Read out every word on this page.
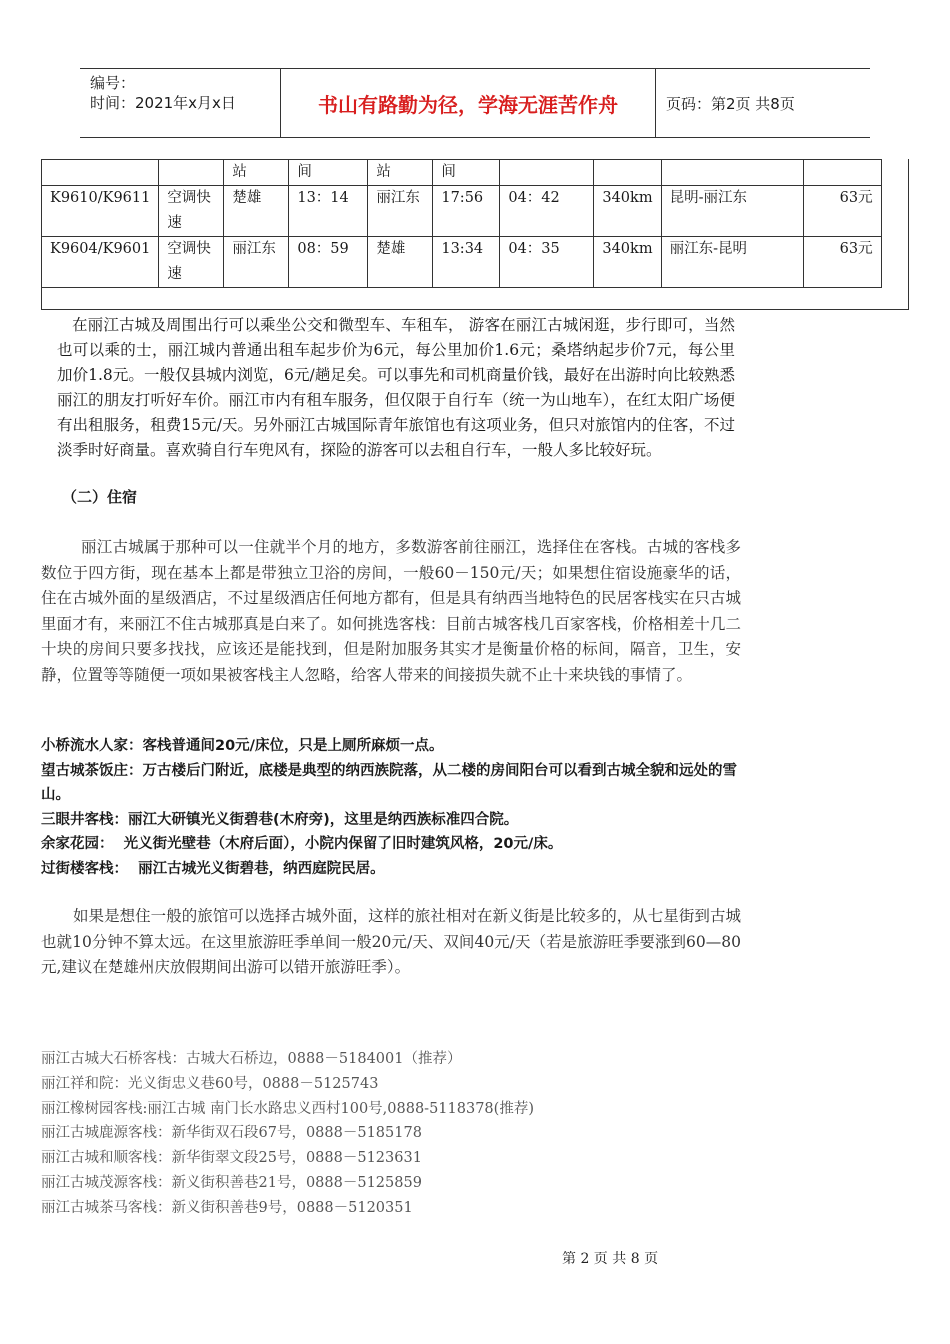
编号：
时间：2021年x月x日	书山有路勤为径，学海无涯苦作舟	页码：第2页 共8页
		站	间	站	间				
K9610/K9611	空调快速	楚雄	13：14	丽江东	17:56	04：42	340km	昆明-丽江东	63元
K9604/K9601	空调快速	丽江东	08：59	楚雄	13:34	04：35	340km	丽江东-昆明	63元
在丽江古城及周围出行可以乘坐公交和微型车、车租车， 游客在丽江古城闲逛，步行即可，当然也可以乘的士，丽江城内普通出租车起步价为6元，每公里加价1.6元；桑塔纳起步价7元，每公里加价1.8元。一般仅县城内浏览，6元/趟足矣。可以事先和司机商量价钱，最好在出游时向比较熟悉丽江的朋友打听好车价。丽江市内有租车服务，但仅限于自行车（统一为山地车），在红太阳广场便有出租服务，租费15元/天。另外丽江古城国际青年旅馆也有这项业务，但只对旅馆内的住客，不过淡季时好商量。喜欢骑自行车兜风有，探险的游客可以去租自行车，一般人多比较好玩。
（二）住宿
丽江古城属于那种可以一住就半个月的地方，多数游客前往丽江，选择住在客栈。古城的客栈多数位于四方街，现在基本上都是带独立卫浴的房间，一般60－150元/天；如果想住宿设施豪华的话，住在古城外面的星级酒店，不过星级酒店任何地方都有，但是具有纳西当地特色的民居客栈实在只古城里面才有，来丽江不住古城那真是白来了。如何挑选客栈：目前古城客栈几百家客栈，价格相差十几二十块的房间只要多找找，应该还是能找到，但是附加服务其实才是衡量价格的标间，隔音，卫生，安静，位置等等随便一项如果被客栈主人忽略，给客人带来的间接损失就不止十来块钱的事情了。
小桥流水人家：客栈普通间20元/床位，只是上厕所麻烦一点。
望古城茶饭庄：万古楼后门附近，底楼是典型的纳西族院落，从二楼的房间阳台可以看到古城全貌和远处的雪山。
三眼井客栈：丽江大研镇光义街碧巷(木府旁)，这里是纳西族标准四合院。
余家花园：  光义街光壁巷（木府后面），小院内保留了旧时建筑风格，20元/床。
过街楼客栈：  丽江古城光义街碧巷，纳西庭院民居。
如果是想住一般的旅馆可以选择古城外面，这样的旅社相对在新义街是比较多的，从七星街到古城也就10分钟不算太远。在这里旅游旺季单间一般20元/天、双间40元/天（若是旅游旺季要涨到60—80元,建议在楚雄州庆放假期间出游可以错开旅游旺季）。
丽江古城大石桥客栈：古城大石桥边，0888－5184001（推荐）
丽江祥和院：光义街忠义巷60号，0888－5125743
丽江橡树园客栈:丽江古城 南门长水路忠义西村100号,0888-5118378(推荐)
丽江古城鹿源客栈：新华街双石段67号，0888－5185178
丽江古城和顺客栈：新华街翠文段25号，0888－5123631
丽江古城茂源客栈：新义街积善巷21号，0888－5125859
丽江古城茶马客栈：新义街积善巷9号，0888－5120351
第 2 页 共 8 页
